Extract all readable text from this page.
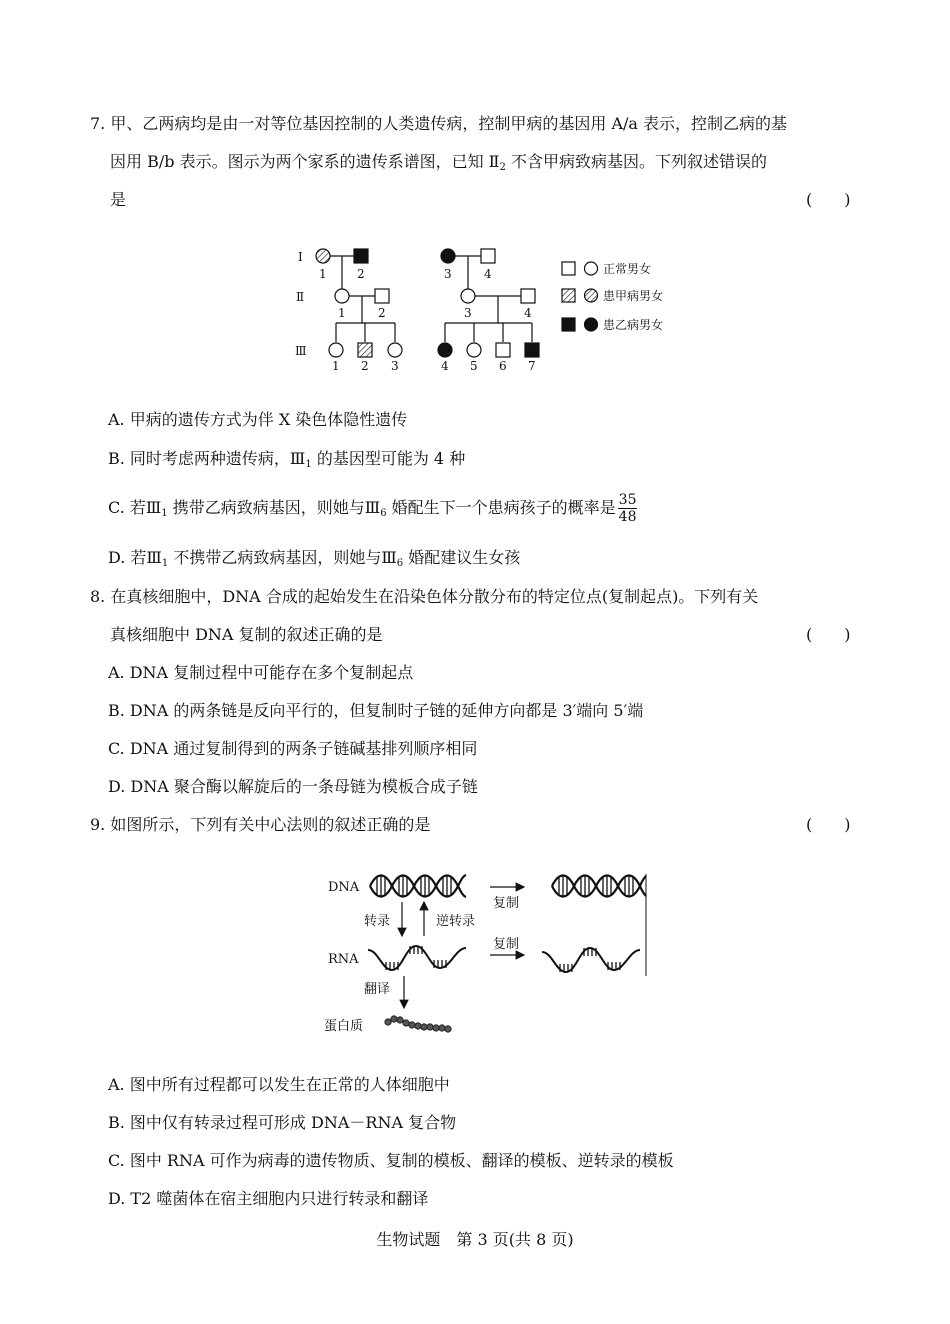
7. 甲、乙两病均是由一对等位基因控制的人类遗传病，控制甲病的基因用 A/a 表示，控制乙病的基
因用 B/b 表示。图示为两个家系的遗传系谱图，已知 $Ⅱ_2$ 不含甲病致病基因。下列叙述错误的
是	(　　)
Ⅰ
Ⅱ
Ⅲ
1	2
1	2
1 2 3
3	4
3	4
4 5 6 7
正常男女
患甲病男女
患乙病男女
A. 甲病的遗传方式为伴 X 染色体隐性遗传
B. 同时考虑两种遗传病，$Ⅲ_1$ 的基因型可能为 4 种
C. 若$Ⅲ_1$ 携带乙病致病基因，则她与$Ⅲ_6$ 婚配生下一个患病孩子的概率是 $\frac{35}{48}$
D. 若$Ⅲ_1$ 不携带乙病致病基因，则她与$Ⅲ_6$ 婚配建议生女孩
8. 在真核细胞中，DNA 合成的起始发生在沿染色体分散分布的特定位点(复制起点)。下列有关
真核细胞中 DNA 复制的叙述正确的是	(　　)
A. DNA 复制过程中可能存在多个复制起点
B. DNA 的两条链是反向平行的，但复制时子链的延伸方向都是 3′端向 5′端
C. DNA 通过复制得到的两条子链碱基排列顺序相同
D. DNA 聚合酶以解旋后的一条母链为模板合成子链
9. 如图所示，下列有关中心法则的叙述正确的是	(　　)
DNA
RNA
蛋白质
转录	逆转录
复制
复制
翻译
A. 图中所有过程都可以发生在正常的人体细胞中
B. 图中仅有转录过程可形成 DNA－RNA 复合物
C. 图中 RNA 可作为病毒的遗传物质、复制的模板、翻译的模板、逆转录的模板
D. T2 噬菌体在宿主细胞内只进行转录和翻译
生物试题　第 3 页(共 8 页)
